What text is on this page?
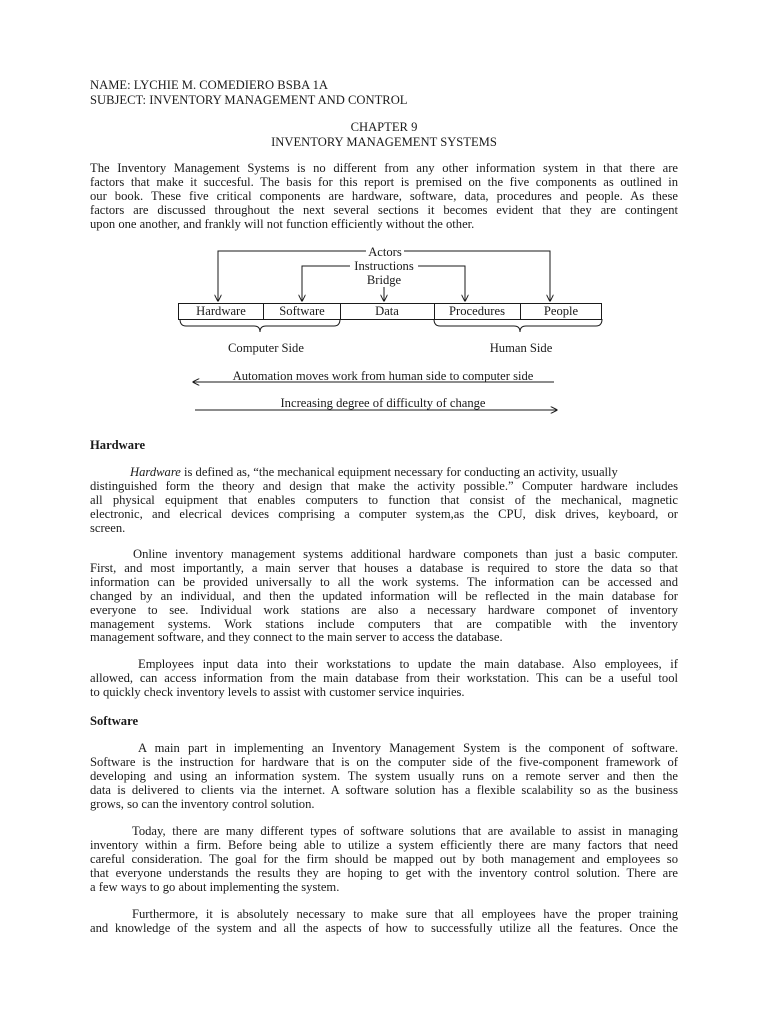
NAME: LYCHIE M. COMEDIERO BSBA 1A
SUBJECT: INVENTORY MANAGEMENT AND CONTROL
CHAPTER 9
INVENTORY MANAGEMENT SYSTEMS
The Inventory Management Systems is no different from any other information system in that there are
factors that make it succesful. The basis for this report is premised on the five components as outlined in
our book. These five critical components are hardware, software, data, procedures and people. As these
factors are discussed throughout the next several sections it becomes evident that they are contingent
upon one another, and frankly will not function efficiently without the other.
Actors
Instructions
Bridge
Hardware	Software	Data	Procedures	People
Computer Side	Human Side
Automation moves work from human side to computer side
Increasing degree of difficulty of change
Hardware
Hardware is defined as, “the mechanical equipment necessary for conducting an activity, usually
distinguished form the theory and design that make the activity possible.” Computer hardware includes
all physical equipment that enables computers to function that consist of the mechanical, magnetic
electronic, and elecrical devices comprising a computer system,as the CPU, disk drives, keyboard, or
screen.
Online inventory management systems additional hardware componets than just a basic computer.
First, and most importantly, a main server that houses a database is required to store the data so that
information can be provided universally to all the work systems. The information can be accessed and
changed by an individual, and then the updated information will be reflected in the main database for
everyone to see. Individual work stations are also a necessary hardware componet of inventory
management systems. Work stations include computers that are compatible with the inventory
management software, and they connect to the main server to access the database.
Employees input data into their workstations to update the main database. Also employees, if
allowed, can access information from the main database from their workstation. This can be a useful tool
to quickly check inventory levels to assist with customer service inquiries.
Software
A main part in implementing an Inventory Management System is the component of software.
Software is the instruction for hardware that is on the computer side of the five-component framework of
developing and using an information system. The system usually runs on a remote server and then the
data is delivered to clients via the internet. A software solution has a flexible scalability so as the business
grows, so can the inventory control solution.
Today, there are many different types of software solutions that are available to assist in managing
inventory within a firm. Before being able to utilize a system efficiently there are many factors that need
careful consideration. The goal for the firm should be mapped out by both management and employees so
that everyone understands the results they are hoping to get with the inventory control solution. There are
a few ways to go about implementing the system.
Furthermore, it is absolutely necessary to make sure that all employees have the proper training
and knowledge of the system and all the aspects of how to successfully utilize all the features. Once the
